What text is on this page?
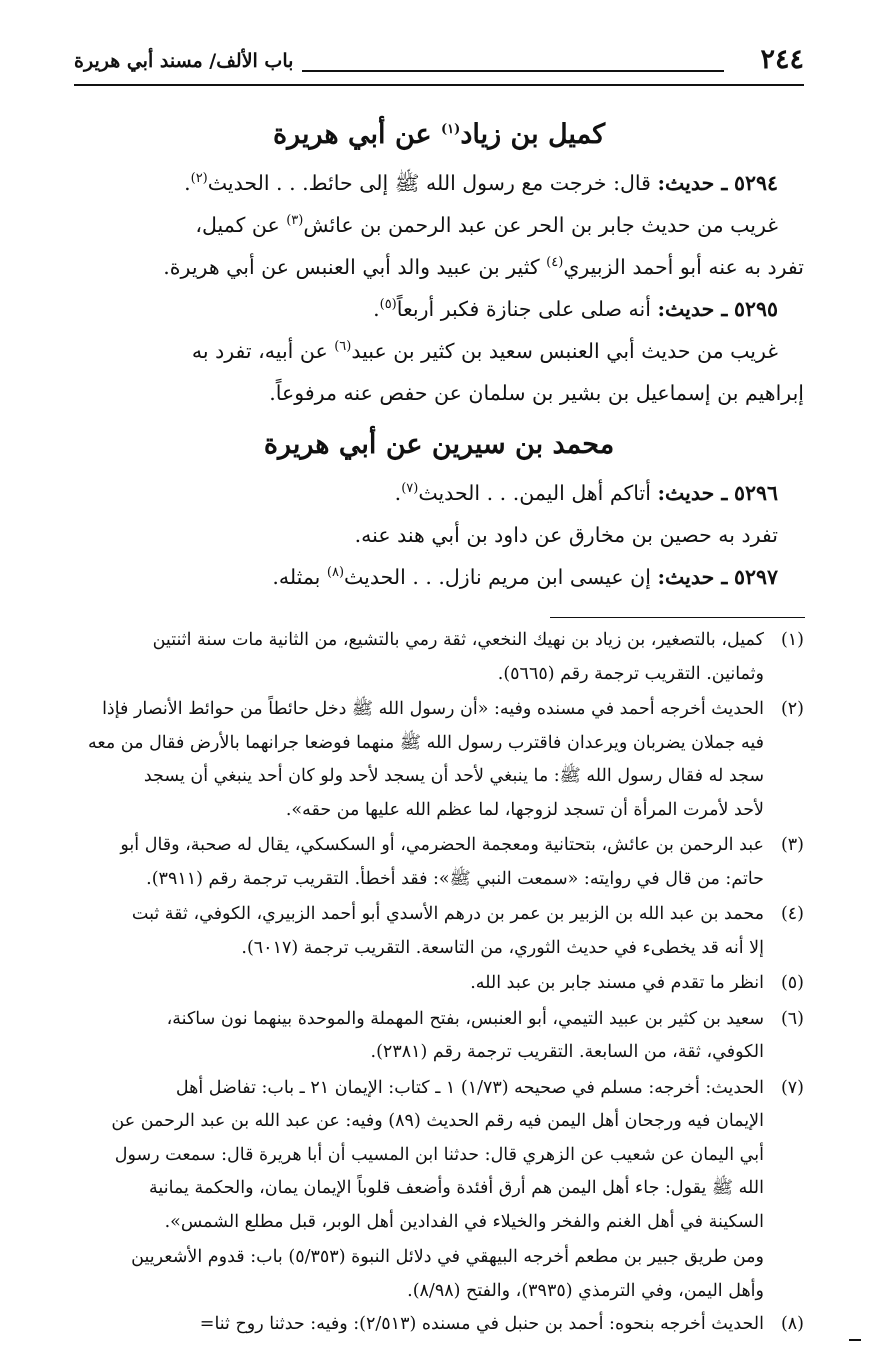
٢٤٤
باب الألف/ مسند أبي هريرة
كميل بن زياد$^{(١)}$ عن أبي هريرة

٥٢٩٤ ـ حديث: قال: خرجت مع رسول الله ﷺ إلى حائط. . . الحديث$^{(٢)}$.

غريب من حديث جابر بن الحر عن عبد الرحمن بن عائش$^{(٣)}$ عن كميل،

تفرد به عنه أبو أحمد الزبيري$^{(٤)}$ كثير بن عبيد والد أبي العنبس عن أبي هريرة.

٥٢٩٥ ـ حديث: أنه صلى على جنازة فكبر أربعاً$^{(٥)}$.

غريب من حديث أبي العنبس سعيد بن كثير بن عبيد$^{(٦)}$ عن أبيه، تفرد به

إبراهيم بن إسماعيل بن بشير بن سلمان عن حفص عنه مرفوعاً.

محمد بن سيرين عن أبي هريرة

٥٢٩٦ ـ حديث: أتاكم أهل اليمن. . . الحديث$^{(٧)}$.

تفرد به حصين بن مخارق عن داود بن أبي هند عنه.

٥٢٩٧ ـ حديث: إن عيسى ابن مريم نازل. . . الحديث$^{(٨)}$ بمثله.

(١)
كميل، بالتصغير، بن زياد بن نهيك النخعي، ثقة رمي بالتشيع، من الثانية مات سنة اثنتين
وثمانين. التقريب ترجمة رقم (٥٦٦٥).
(٢)
الحديث أخرجه أحمد في مسنده وفيه: «أن رسول الله ﷺ دخل حائطاً من حوائط الأنصار فإذا
فيه جملان يضربان ويرعدان فاقترب رسول الله ﷺ منهما فوضعا جرانهما بالأرض فقال من معه
سجد له فقال رسول الله ﷺ: ما ينبغي لأحد أن يسجد لأحد ولو كان أحد ينبغي أن يسجد
لأحد لأمرت المرأة أن تسجد لزوجها، لما عظم الله عليها من حقه».
(٣)
عبد الرحمن بن عائش، بتحتانية ومعجمة الحضرمي، أو السكسكي، يقال له صحبة، وقال أبو
حاتم: من قال في روايته: «سمعت النبي ﷺ»: فقد أخطأ. التقريب ترجمة رقم (٣٩١١).
(٤)
محمد بن عبد الله بن الزبير بن عمر بن درهم الأسدي أبو أحمد الزبيري، الكوفي، ثقة ثبت
إلا أنه قد يخطىء في حديث الثوري، من التاسعة. التقريب ترجمة (٦٠١٧).
(٥)
انظر ما تقدم في مسند جابر بن عبد الله.
(٦)
سعيد بن كثير بن عبيد التيمي، أبو العنبس، بفتح المهملة والموحدة بينهما نون ساكنة،
الكوفي، ثقة، من السابعة. التقريب ترجمة رقم (٢٣٨١).
(٧)
الحديث: أخرجه: مسلم في صحيحه (١/٧٣) ١ ـ كتاب: الإيمان ٢١ ـ باب: تفاضل أهل
الإيمان فيه ورجحان أهل اليمن فيه رقم الحديث (٨٩) وفيه: عن عبد الله بن عبد الرحمن عن
أبي اليمان عن شعيب عن الزهري قال: حدثنا ابن المسيب أن أبا هريرة قال: سمعت رسول
الله ﷺ يقول: جاء أهل اليمن هم أرق أفئدة وأضعف قلوباً الإيمان يمان، والحكمة يمانية
السكينة في أهل الغنم والفخر والخيلاء في الفدادين أهل الوبر، قبل مطلع الشمس».
ومن طريق جبير بن مطعم أخرجه البيهقي في دلائل النبوة (٥/٣٥٣) باب: قدوم الأشعريين
وأهل اليمن، وفي الترمذي (٣٩٣٥)، والفتح (٨/٩٨).
(٨)
الحديث أخرجه بنحوه: أحمد بن حنبل في مسنده (٢/٥١٣): وفيه: حدثنا روح ثنا=
